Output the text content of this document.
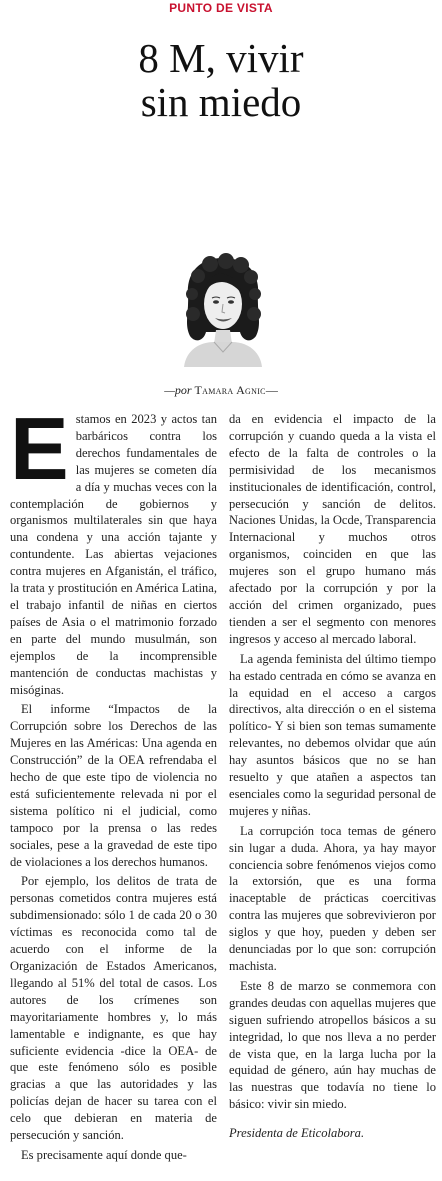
PUNTO DE VISTA
8 M, vivir
sin miedo
—por Tamara Agnic—

Estamos en 2023 y actos tan barbáricos contra los derechos fundamentales de las mujeres se cometen día a día y muchas veces con la contemplación de gobiernos y organismos multilaterales sin que haya una condena y una acción tajante y contundente. Las abiertas vejaciones contra mujeres en Afganistán, el tráfico, la trata y prostitución en América Latina, el trabajo infantil de niñas en ciertos países de Asia o el matrimonio forzado en parte del mundo musulmán, son ejemplos de la incomprensible mantención de conductas machistas y misóginas.

El informe “Impactos de la Corrupción sobre los Derechos de las Mujeres en las Américas: Una agenda en Construcción” de la OEA refrendaba el hecho de que este tipo de violencia no está suficientemente relevada ni por el sistema político ni el judicial, como tampoco por la prensa o las redes sociales, pese a la gravedad de este tipo de violaciones a los derechos humanos.

Por ejemplo, los delitos de trata de personas cometidos contra mujeres está subdimensionado: sólo 1 de cada 20 o 30 víctimas es reconocida como tal de acuerdo con el informe de la Organización de Estados Americanos, llegando al 51% del total de casos. Los autores de los crímenes son mayoritariamente hombres y, lo más lamentable e indignante, es que hay suficiente evidencia -dice la OEA- de que este fenómeno sólo es posible gracias a que las autoridades y las policías dejan de hacer su tarea con el celo que debieran en materia de persecución y sanción.

Es precisamente aquí donde que-

da en evidencia el impacto de la corrupción y cuando queda a la vista el efecto de la falta de controles o la permisividad de los mecanismos institucionales de identificación, control, persecución y sanción de delitos. Naciones Unidas, la Ocde, Transparencia Internacional y muchos otros organismos, coinciden en que las mujeres son el grupo humano más afectado por la corrupción y por la acción del crimen organizado, pues tienden a ser el segmento con menores ingresos y acceso al mercado laboral.

La agenda feminista del último tiempo ha estado centrada en cómo se avanza en la equidad en el acceso a cargos directivos, alta dirección o en el sistema político- Y si bien son temas sumamente relevantes, no debemos olvidar que aún hay asuntos básicos que no se han resuelto y que atañen a aspectos tan esenciales como la seguridad personal de mujeres y niñas.

La corrupción toca temas de género sin lugar a duda. Ahora, ya hay mayor conciencia sobre fenómenos viejos como la extorsión, que es una forma inaceptable de prácticas coercitivas contra las mujeres que sobrevivieron por siglos y que hoy, pueden y deben ser denunciadas por lo que son: corrupción machista.

Este 8 de marzo se conmemora con grandes deudas con aquellas mujeres que siguen sufriendo atropellos básicos a su integridad, lo que nos lleva a no perder de vista que, en la larga lucha por la equidad de género, aún hay muchas de las nuestras que todavía no tiene lo básico: vivir sin miedo.

Presidenta de Eticolabora.
